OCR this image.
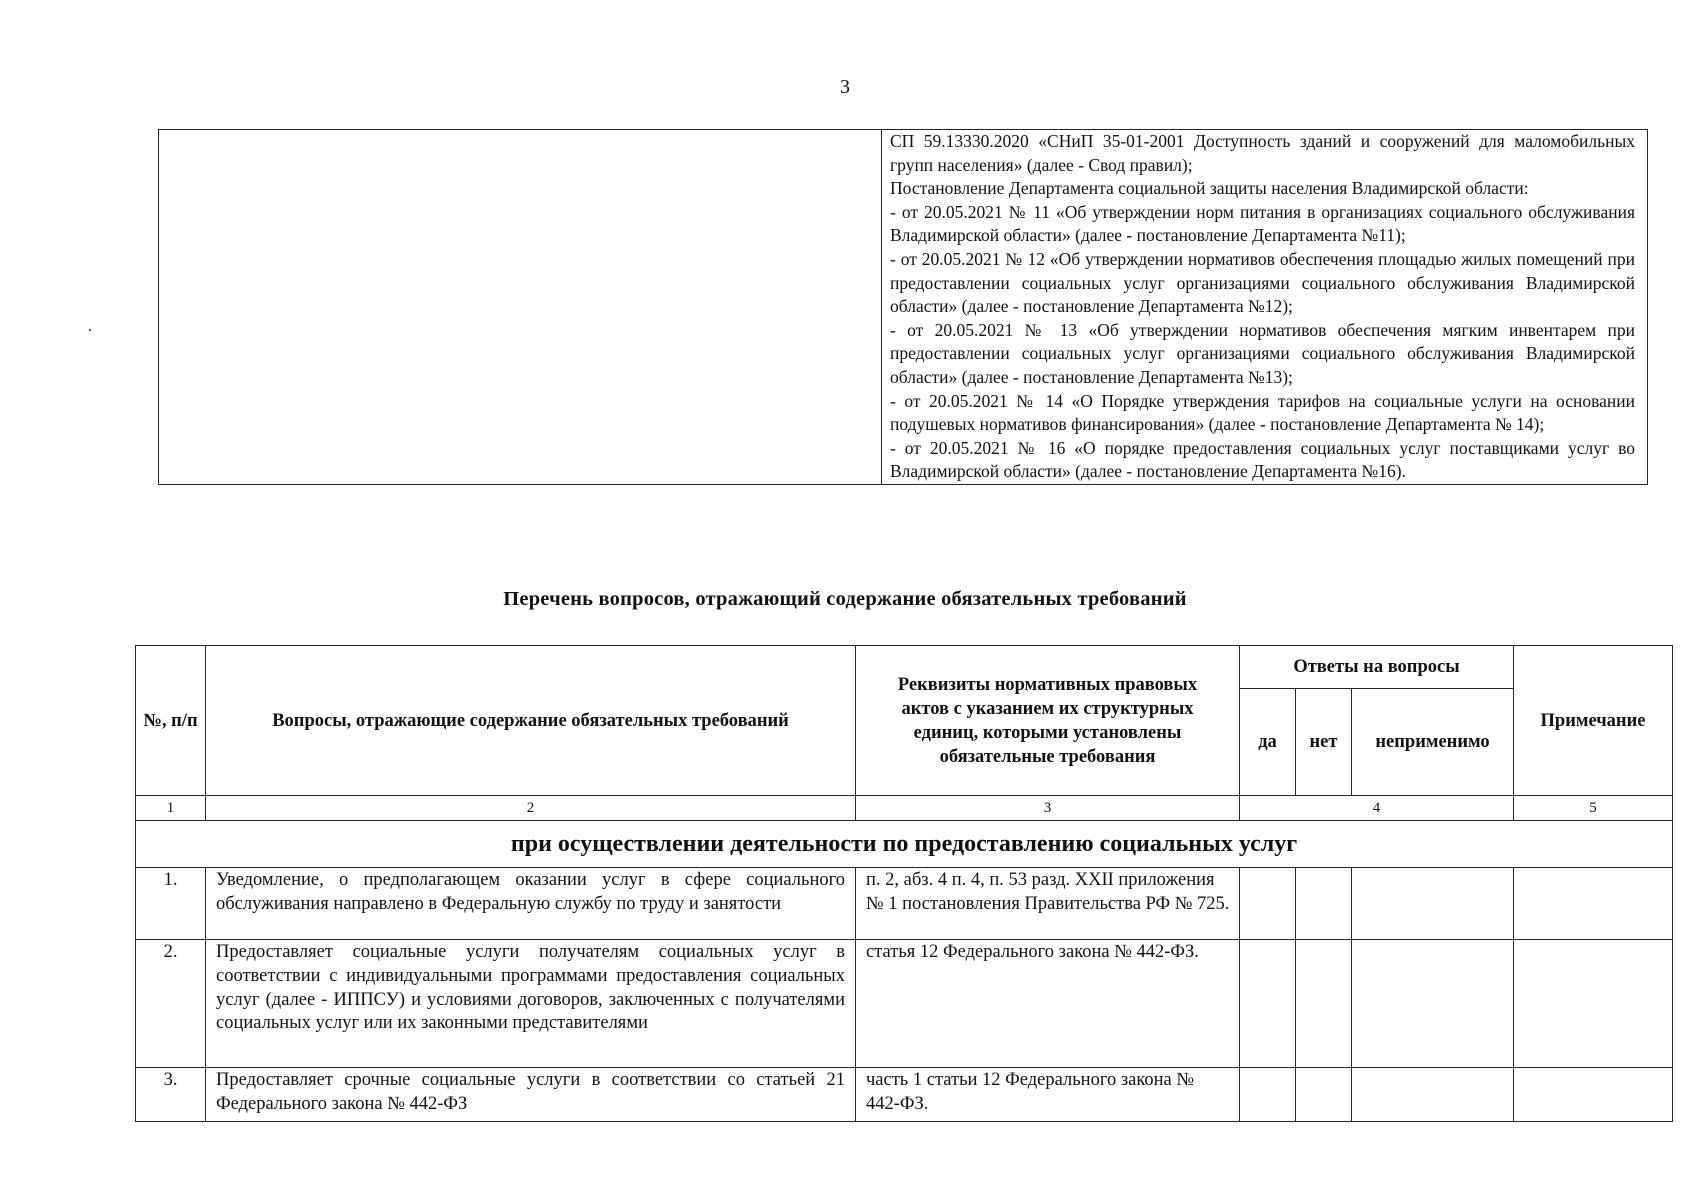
3
.

СП 59.13330.2020 «СНиП 35-01-2001 Доступность зданий и сооружений для маломобильных групп населения» (далее - Свод правил);

Постановление Департамента социальной защиты населения Владимирской области:

- от 20.05.2021 № 11 «Об утверждении норм питания в организациях социального обслуживания Владимирской области» (далее - постановление Департамента №11);

- от 20.05.2021 № 12 «Об утверждении нормативов обеспечения площадью жилых помещений при предоставлении социальных услуг организациями социального обслуживания Владимирской области» (далее - постановление Департамента №12);

- от 20.05.2021 № 13 «Об утверждении нормативов обеспечения мягким инвентарем при предоставлении социальных услуг организациями социального обслуживания Владимирской области» (далее - постановление Департамента №13);

- от 20.05.2021 № 14 «О Порядке утверждения тарифов на социальные услуги на основании подушевых нормативов финансирования» (далее - постановление Департамента № 14);

- от 20.05.2021 № 16 «О порядке предоставления социальных услуг поставщиками услуг во Владимирской области» (далее - постановление Департамента №16).

Перечень вопросов, отражающий содержание обязательных требований
№, п/п	Вопросы, отражающие содержание обязательных требований	Реквизиты нормативных правовых актов с указанием их структурных единиц, которыми установлены обязательные требования	Ответы на вопросы			Примечание
			да	нет	неприменимо	
1	2	3	4			5
при осуществлении деятельности по предоставлению социальных услуг						
1.	Уведомление, о предполагающем оказании услуг в сфере социального обслуживания направлено в Федеральную службу по труду и занятости	п. 2, абз. 4 п. 4, п. 53 разд. XXII приложения № 1 постановления Правительства РФ № 725.				
2.	Предоставляет социальные услуги получателям социальных услуг в соответствии с индивидуальными программами предоставления социальных услуг (далее - ИППСУ) и условиями договоров, заключенных с получателями социальных услуг или их законными представителями	статья 12 Федерального закона № 442-ФЗ.				
3.	Предоставляет срочные социальные услуги в соответствии со статьей 21 Федерального закона № 442-ФЗ	часть 1 статьи 12 Федерального закона № 442-ФЗ.				
